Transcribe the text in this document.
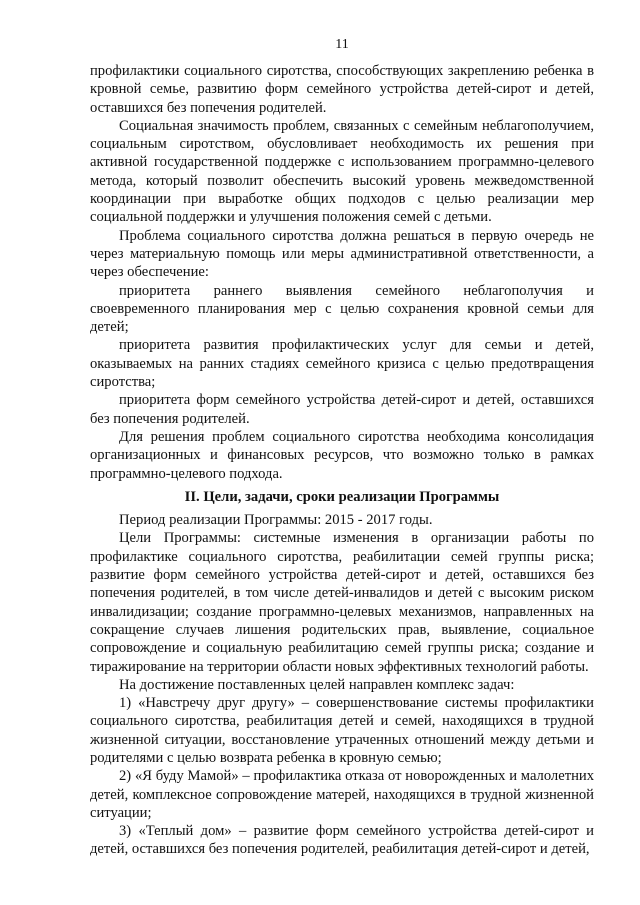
11

профилактики социального сиротства, способствующих закреплению ребенка в кровной семье, развитию форм семейного устройства детей-сирот и детей, оставшихся без попечения родителей.

Социальная значимость проблем, связанных с семейным неблагополучием, социальным сиротством, обусловливает необходимость их решения при активной государственной поддержке с использованием программно-целевого метода, который позволит обеспечить высокий уровень межведомственной координации при выработке общих подходов с целью реализации мер социальной поддержки и улучшения положения семей с детьми.

Проблема социального сиротства должна решаться в первую очередь не через материальную помощь или меры административной ответственности, а через обеспечение:

приоритета раннего выявления семейного неблагополучия и своевременного планирования мер с целью сохранения кровной семьи для детей;

приоритета развития профилактических услуг для семьи и детей, оказываемых на ранних стадиях семейного кризиса с целью предотвращения сиротства;

приоритета форм семейного устройства детей-сирот и детей, оставшихся без попечения родителей.

Для решения проблем социального сиротства необходима консолидация организационных и финансовых ресурсов, что возможно только в рамках программно-целевого подхода.

II. Цели, задачи, сроки реализации Программы

Период реализации Программы: 2015 - 2017 годы.

Цели Программы: системные изменения в организации работы по профилактике социального сиротства, реабилитации семей группы риска; развитие форм семейного устройства детей-сирот и детей, оставшихся без попечения родителей, в том числе детей-инвалидов и детей с высоким риском инвалидизации; создание программно-целевых механизмов, направленных на сокращение случаев лишения родительских прав, выявление, социальное сопровождение и социальную реабилитацию семей группы риска; создание и тиражирование на территории области новых эффективных технологий работы.

На достижение поставленных целей направлен комплекс задач:

1) «Навстречу друг другу» – совершенствование системы профилактики социального сиротства, реабилитация детей и семей, находящихся в трудной жизненной ситуации, восстановление утраченных отношений между детьми и родителями с целью возврата ребенка в кровную семью;

2) «Я буду Мамой» – профилактика отказа от новорожденных и малолетних детей, комплексное сопровождение матерей, находящихся в трудной жизненной ситуации;

3) «Теплый дом» – развитие форм семейного устройства детей-сирот и детей, оставшихся без попечения родителей, реабилитация детей-сирот и детей,
